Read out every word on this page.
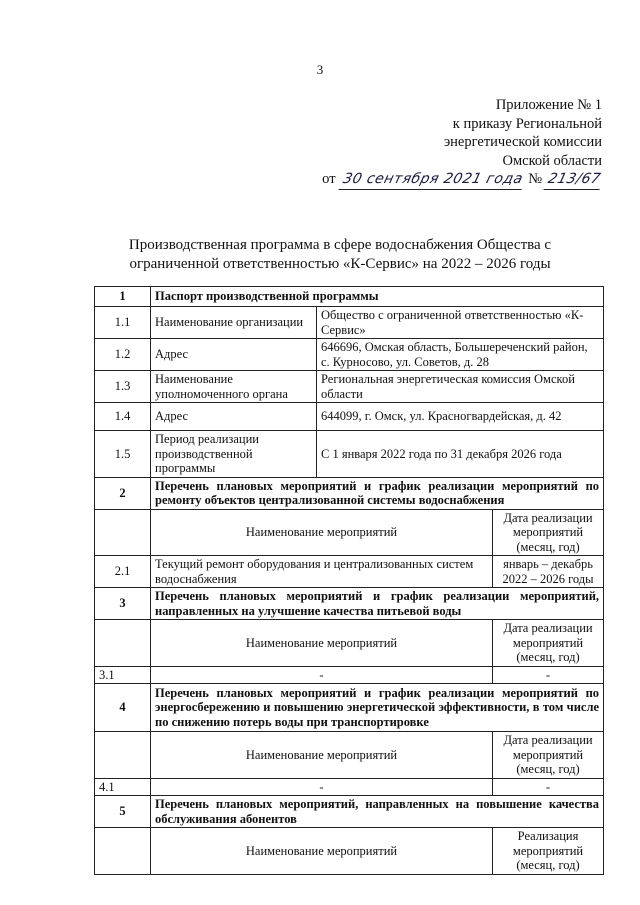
3
Приложение № 1
к приказу Региональной
энергетической комиссии
Омской области
от 30 сентября 2021 года № 213/67
Производственная программа в сфере водоснабжения Общества с ограниченной ответственностью «К-Сервис» на 2022 – 2026 годы
1	Паспорт производственной программы		
1.1	Наименование организации	Общество с ограниченной ответственностью «К-Сервис»	
1.2	Адрес	646696, Омская область, Большереченский район, с. Курносово, ул. Советов, д. 28	
1.3	Наименование уполномоченного органа	Региональная энергетическая комиссия Омской области	
1.4	Адрес	644099, г. Омск, ул. Красногвардейская, д. 42	
1.5	Период реализации производственной программы	С 1 января 2022 года по 31 декабря 2026 года	
2	Перечень плановых мероприятий и график реализации мероприятий по ремонту объектов централизованной системы водоснабжения		
	Наименование мероприятий		Дата реализации мероприятий (месяц, год)
2.1	Текущий ремонт оборудования и централизованных систем водоснабжения		январь – декабрь 2022 – 2026 годы
3	Перечень плановых мероприятий и график реализации мероприятий, направленных на улучшение качества питьевой воды		
	Наименование мероприятий		Дата реализации мероприятий (месяц, год)
3.1	-		-
4	Перечень плановых мероприятий и график реализации мероприятий по энергосбережению и повышению энергетической эффективности, в том числе по снижению потерь воды при транспортировке		
	Наименование мероприятий		Дата реализации мероприятий (месяц, год)
4.1	-		-
5	Перечень плановых мероприятий, направленных на повышение качества обслуживания абонентов		
	Наименование мероприятий		Реализация мероприятий (месяц, год)
